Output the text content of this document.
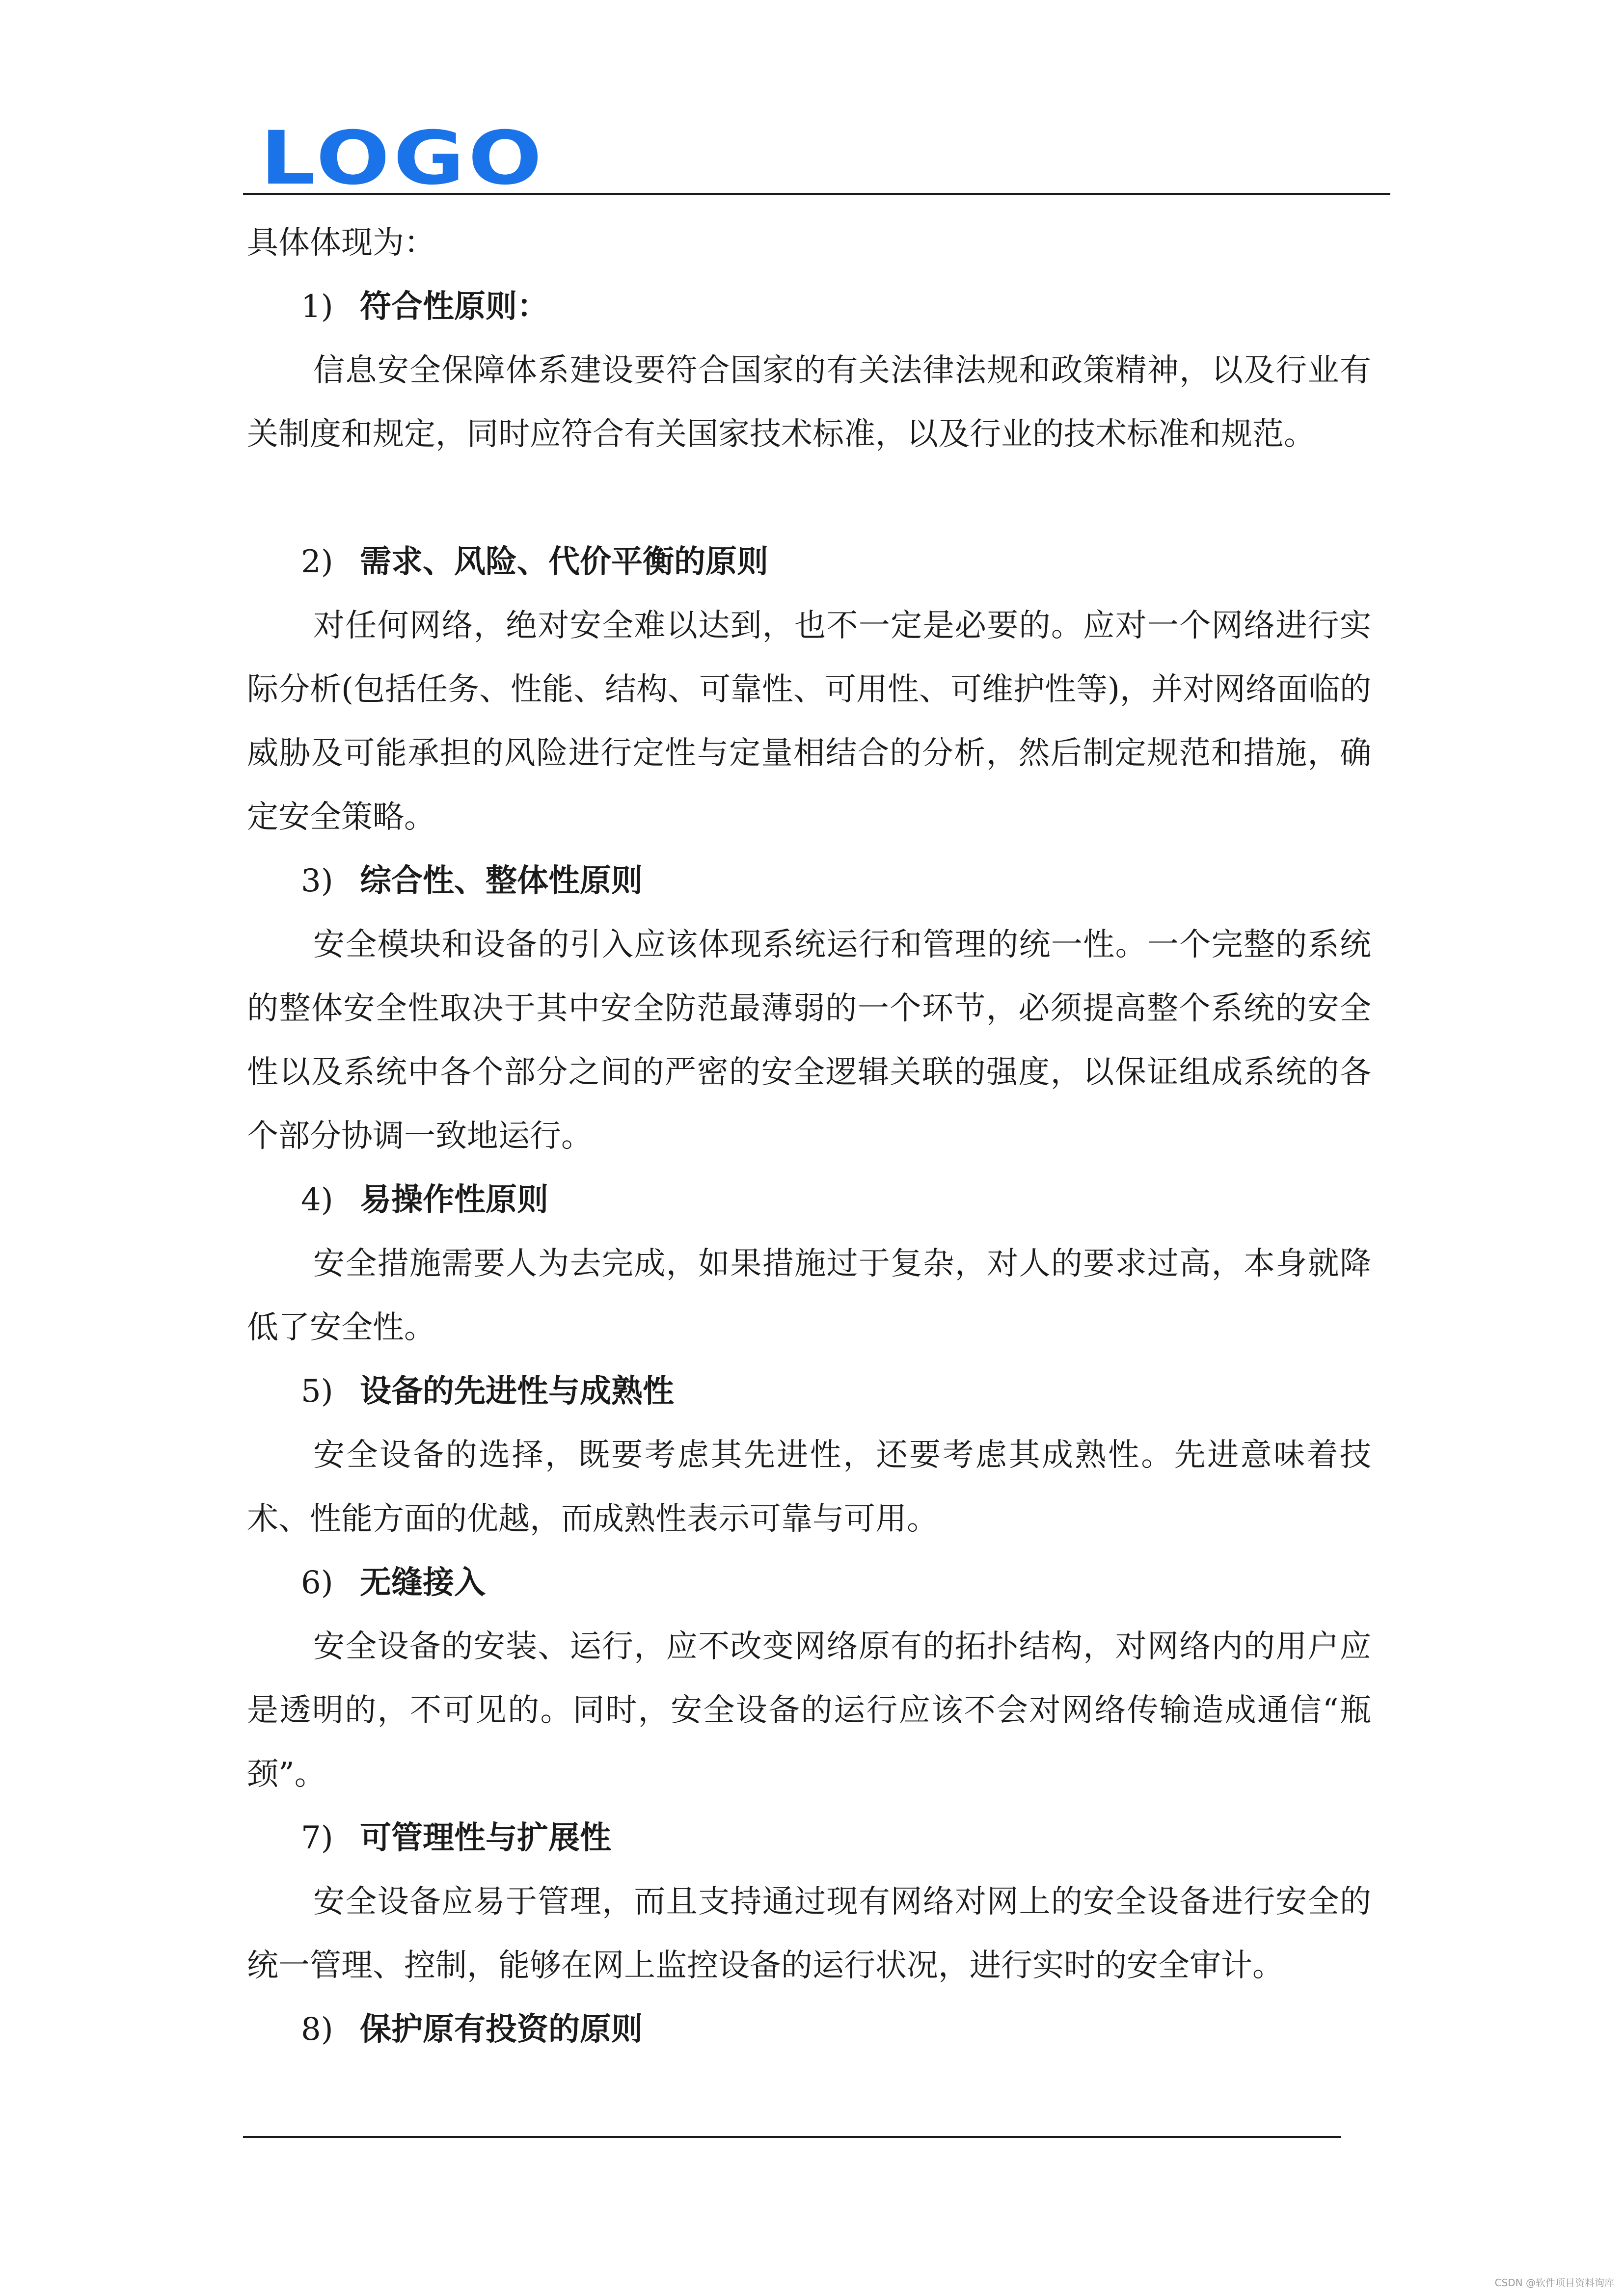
LOGO

具体体现为：

1) 符合性原则：

信息安全保障体系建设要符合国家的有关法律法规和政策精神，以及行业有关制度和规定，同时应符合有关国家技术标准，以及行业的技术标准和规范。

2) 需求、风险、代价平衡的原则

对任何网络，绝对安全难以达到，也不一定是必要的。应对一个网络进行实际分析(包括任务、性能、结构、可靠性、可用性、可维护性等)，并对网络面临的威胁及可能承担的风险进行定性与定量相结合的分析，然后制定规范和措施，确定安全策略。

3) 综合性、整体性原则

安全模块和设备的引入应该体现系统运行和管理的统一性。一个完整的系统的整体安全性取决于其中安全防范最薄弱的一个环节，必须提高整个系统的安全性以及系统中各个部分之间的严密的安全逻辑关联的强度，以保证组成系统的各个部分协调一致地运行。

4) 易操作性原则

安全措施需要人为去完成，如果措施过于复杂，对人的要求过高，本身就降低了安全性。

5) 设备的先进性与成熟性

安全设备的选择，既要考虑其先进性，还要考虑其成熟性。先进意味着技术、性能方面的优越，而成熟性表示可靠与可用。

6) 无缝接入

安全设备的安装、运行，应不改变网络原有的拓扑结构，对网络内的用户应是透明的，不可见的。同时，安全设备的运行应该不会对网络传输造成通信“瓶颈”。

7) 可管理性与扩展性

安全设备应易于管理，而且支持通过现有网络对网上的安全设备进行安全的统一管理、控制，能够在网上监控设备的运行状况，进行实时的安全审计。

8) 保护原有投资的原则

CSDN @软件项目资料询库
